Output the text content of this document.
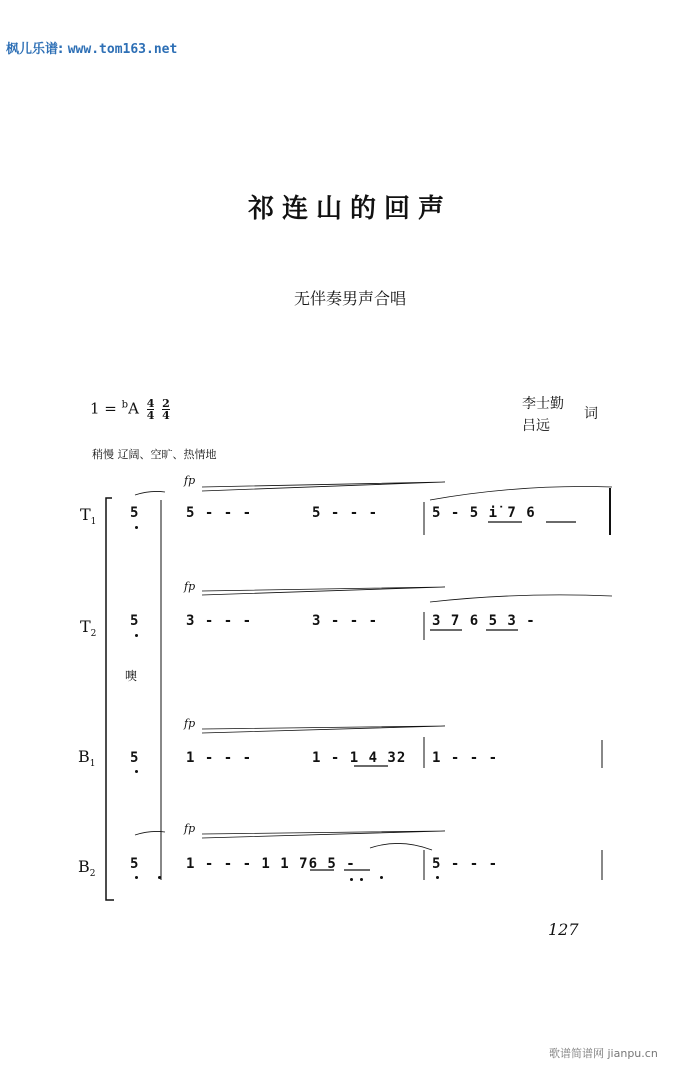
枫儿乐谱: www.tom163.net
祁连山的回声
无伴奏男声合唱
$1 = ^bA \frac{4}{4}$
$\frac{2}{4}$	李士勤
吕远
词
稍慢 辽阔、空旷、热情地
$T_1$
$T_2$
$B_1$
$B_2$
fp
fp
fp
fp
噢
5	5 - - -	5 - - -	5 - 5 i̇ 7 6
5	3 - - -	3 - - -	3 7 6 5 3 -
5	1 - - -	1 - 1 4 32 1 - - -
5	1 - - - 1 1 76 5 -	5 - - -
127
歌谱简谱网 jianpu.cn
